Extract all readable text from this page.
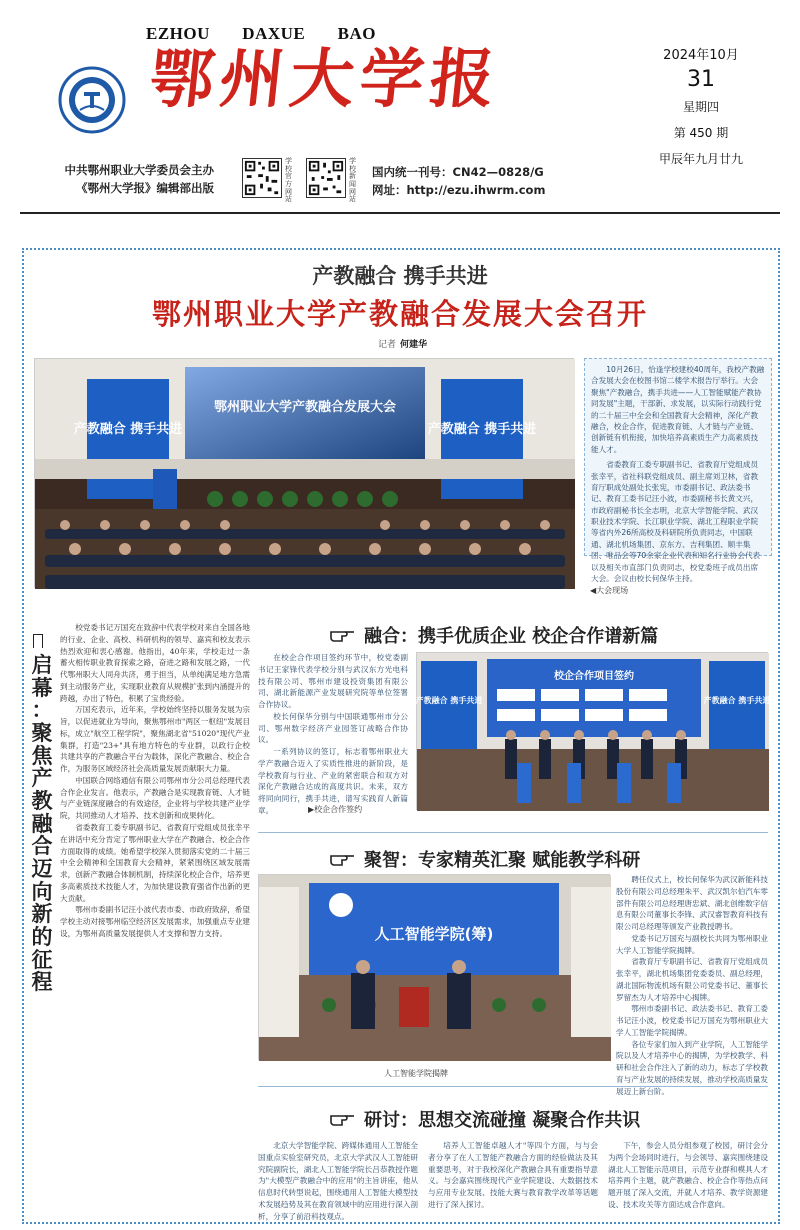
EZHOU DAXUE BAO
鄂州大学报	2024年10月
31
星期四
第 450 期
甲辰年九月廿九
中共鄂州职业大学委员会主办
《鄂州大学报》编辑部出版
学校官方网站
学校新闻网站
国内统一刊号：CN42—0828/G
网址：http://ezu.ihwrm.com
产教融合 携手共进
鄂州职业大学产教融合发展大会召开
记者 何建华
鄂州职业大学产教融合发展大会
产教融合 携手共进	产教融合 携手共进
◀大会现场

10月26日，恰逢学校建校40周年，我校产教融合发展大会在校图书馆二楼学术报告厅举行。大会聚焦"产教融合，携手共进——人工智能赋能产教协同发展"主题，干部新、求发展，以实际行动践行党的二十届三中全会和全国教育大会精神，深化产教融合，校企合作，促进教育链、人才链与产业链、创新链有机衔接，加快培养高素质生产力高素质技能人才。

省委教育工委专职副书记、省教育厅党组成员张幸平，省社科联党组成员、副主席刘卫林，省教育厅职成处副处长张宪，市委副书记、政法委书记、教育工委书记汪小波，市委副秘书长黄文兴，市政府副秘书长全志明，北京大学智能学院、武汉职业技术学院、长江职业学院、湖北工程职业学院等省内外26所高校及科研院所负责同志，中国联通、湖北机场集团、京东方、吉利集团、顺丰集团、唯品会等70余家企业代表和知名行业协会代表以及相关市直部门负责同志，校党委班子成员出席大会。会议由校长何保华主持。

启
幕
：
聚
焦
产
教
融
合
迈
向
新
的
征
程

校党委书记万国充在致辞中代表学校对来自全国各地的行业、企业、高校、科研机构的领导、嘉宾和校友表示热烈欢迎和衷心感谢。他指出，40年来，学校走过一条蓄火相传职业教育探索之路，奋进之路和发展之路，一代代鄂州职大人同舟共济，勇于担当，从单纯满足地方急需到主动服务产业，实现职业教育从规模扩张到内涵提升的跨越，办出了特色，积累了宝贵经验。

万国充表示，近年来，学校始终坚持以服务发展为宗旨，以促进就业为导向，聚焦鄂州市"两区一枢纽"发展目标，成立"航空工程学院"，聚焦湖北省"51020"现代产业集群，打造"23+"具有地方特色的专业群，以政行企校共建共享的产教融合平台为载体，深化产教融合、校企合作，为服务区域经济社会高质量发展贡献职大力量。

中国联合网络通信有限公司鄂州市分公司总经理代表合作企业发言。他表示，产教融合是实现教育链、人才链与产业链深度融合的有效途径，企业将与学校共建产业学院，共同推动人才培养、技术创新和成果转化。

省委教育工委专职副书记、省教育厅党组成员张幸平在讲话中充分肯定了鄂州职业大学在产教融合、校企合作方面取得的成绩。她希望学校深入贯彻落实党的二十届三中全会精神和全国教育大会精神，紧紧围绕区域发展需求，创新产教融合体制机制，持续深化校企合作，培养更多高素质技术技能人才，为加快建设教育强省作出新的更大贡献。

鄂州市委副书记汪小波代表市委、市政府致辞，希望学校主动对接鄂州临空经济区发展需求，加强重点专业建设，为鄂州高质量发展提供人才支撑和智力支持。

融合：携手优质企业 校企合作谱新篇

在校企合作项目签约环节中，校党委副书记王家锋代表学校分别与武汉东方光电科技有限公司、鄂州市建设投资集团有限公司、湖北新能源产业发展研究院等单位签署合作协议。

校长何保华分别与中国联通鄂州市分公司、鄂州数字经济产业园签订战略合作协议。

一系列协议的签订，标志着鄂州职业大学产教融合迈入了实质性推进的新阶段，是学校教育与行业、产业的紧密联合和双方对深化产教融合达成的高度共识。未来，双方将同向同行，携手共进，谱写实践育人新篇章。	▶校企合作签约
校企合作项目签约
产教融合 携手共进	产教融合 携手共进
聚智：专家精英汇聚 赋能教学科研
人工智能学院(筹)
人工智能学院揭牌

聘任仪式上，校长何保华为武汉新能科技股份有限公司总经理朱平、武汉凯尔伯汽车零部件有限公司总经理唐忠斌、湖北创维数字信息有限公司董事长李锋、武汉睿智教育科技有限公司总经理等颁发产业教授聘书。

党委书记万国充与副校长共同为鄂州职业大学人工智能学院揭牌。

省教育厅专职副书记、省教育厅党组成员张幸平，湖北机场集团党委委员、副总经理，湖北国际物流机场有限公司党委书记、董事长罗留杰为人才培养中心揭牌。

鄂州市委副书记、政法委书记、教育工委书记汪小波，校党委书记万国充为鄂州职业大学人工智能学院揭牌。

各位专家们加入到产业学院，人工智能学院以及人才培养中心的揭牌，为学校教学、科研和社会合作注入了新的动力，标志了学校教育与产业发展的持续发展，推动学校高质量发展迈上新台阶。

研讨：思想交流碰撞 凝聚合作共识

北京大学智能学院、跨媒体通用人工智能全国重点实验室研究员，北京大学武汉人工智能研究院副院长，湖北人工智能学院长吕恭教授作题为"大模型产教融合中的应用"的主旨讲座，他从信息时代转型说起，围绕通用人工智能大模型技术发展趋势及其在教育领域中的应用进行深入剖析，分享了前沿科技观点。

培养人工智能卓越人才"等四个方面，与与会者分享了在人工智能产教融合方面的经验做法及其重要思考，对于我校深化产教融合具有重要指导意义。与会嘉宾围绕现代产业学院建设、大数据技术与应用专业发展、技能大赛与教育教学改革等话题进行了深入探讨。

下午，参会人员分组参观了校园，研讨会分为两个会场同时进行，与会领导、嘉宾围绕建设湖北人工智能示范项目，示范专业群和模具人才培养两个主题，就产教融合、校企合作等热点问题开展了深入交流，并就人才培养、教学资源建设、技术攻关等方面达成合作意向。
